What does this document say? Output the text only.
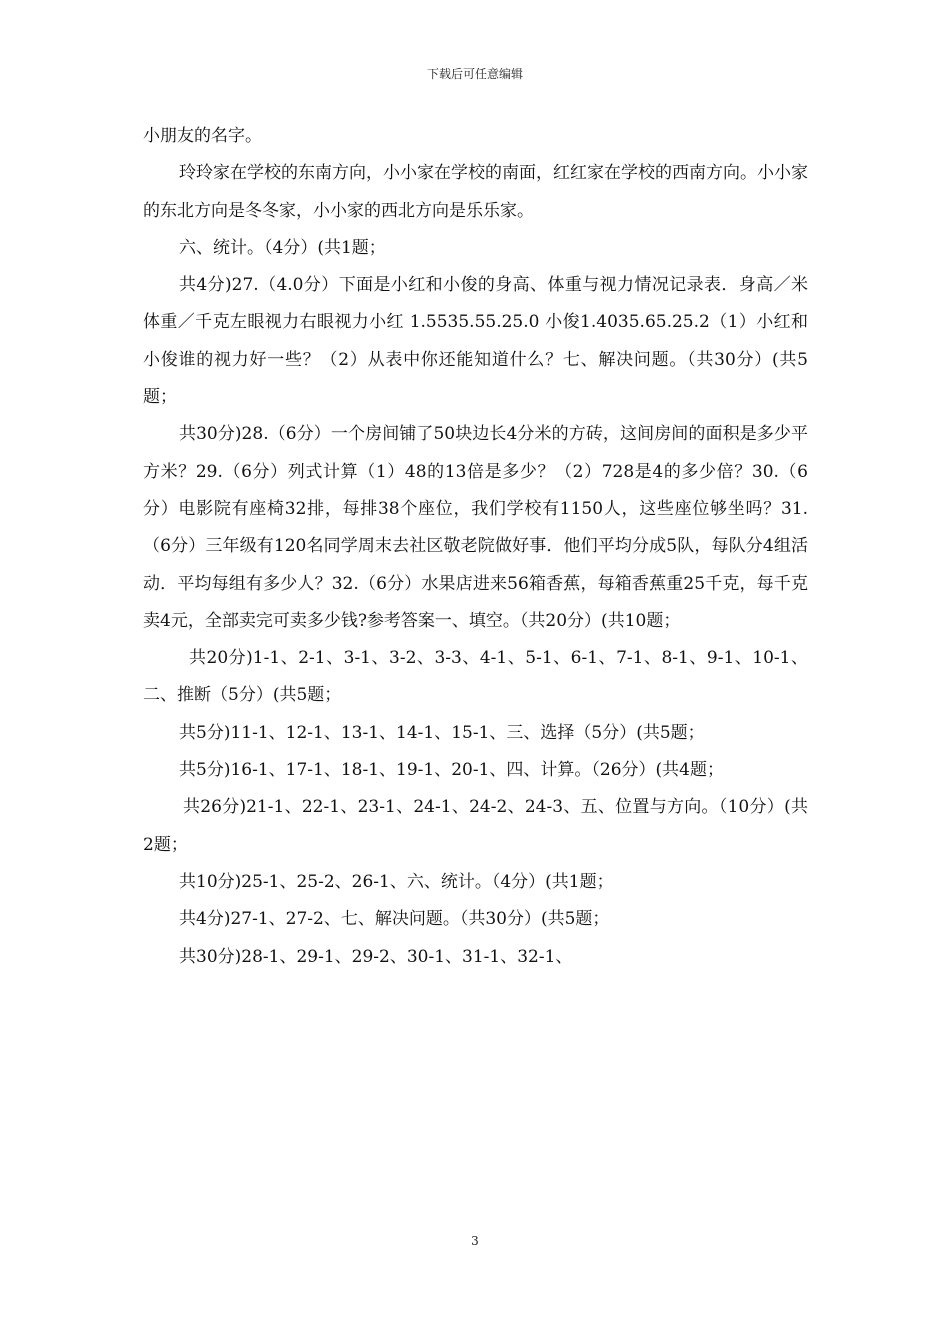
下载后可任意编辑

小朋友的名字。

玲玲家在学校的东南方向，小小家在学校的南面，红红家在学校的西南方向。小小家的东北方向是冬冬家，小小家的西北方向是乐乐家。

六、统计。（4分）(共1题；

共4分)27.（4.0分）下面是小红和小俊的身高、体重与视力情况记录表．身高／米体重／千克左眼视力右眼视力小红 1.5535.55.25.0 小俊1.4035.65.25.2（1）小红和小俊谁的视力好一些？（2）从表中你还能知道什么？七、解决问题。（共30分）(共5题；

共30分)28.（6分）一个房间铺了50块边长4分米的方砖，这间房间的面积是多少平方米？29.（6分）列式计算（1）48的13倍是多少？（2）728是4的多少倍？30.（6分）电影院有座椅32排，每排38个座位，我们学校有1150人，这些座位够坐吗？31.（6分）三年级有120名同学周末去社区敬老院做好事．他们平均分成5队，每队分4组活动．平均每组有多少人？32.（6分）水果店进来56箱香蕉，每箱香蕉重25千克，每千克卖4元，全部卖完可卖多少钱?参考答案一、填空。（共20分）(共10题；

共20分)1-1、2-1、3-1、3-2、3-3、4-1、5-1、6-1、7-1、8-1、9-1、10-1、二、推断（5分）(共5题；

共5分)11-1、12-1、13-1、14-1、15-1、三、选择（5分）(共5题；

共5分)16-1、17-1、18-1、19-1、20-1、四、计算。（26分）(共4题；

共26分)21-1、22-1、23-1、24-1、24-2、24-3、五、位置与方向。（10分）(共2题；

共10分)25-1、25-2、26-1、六、统计。（4分）(共1题；

共4分)27-1、27-2、七、解决问题。（共30分）(共5题；

共30分)28-1、29-1、29-2、30-1、31-1、32-1、

3
